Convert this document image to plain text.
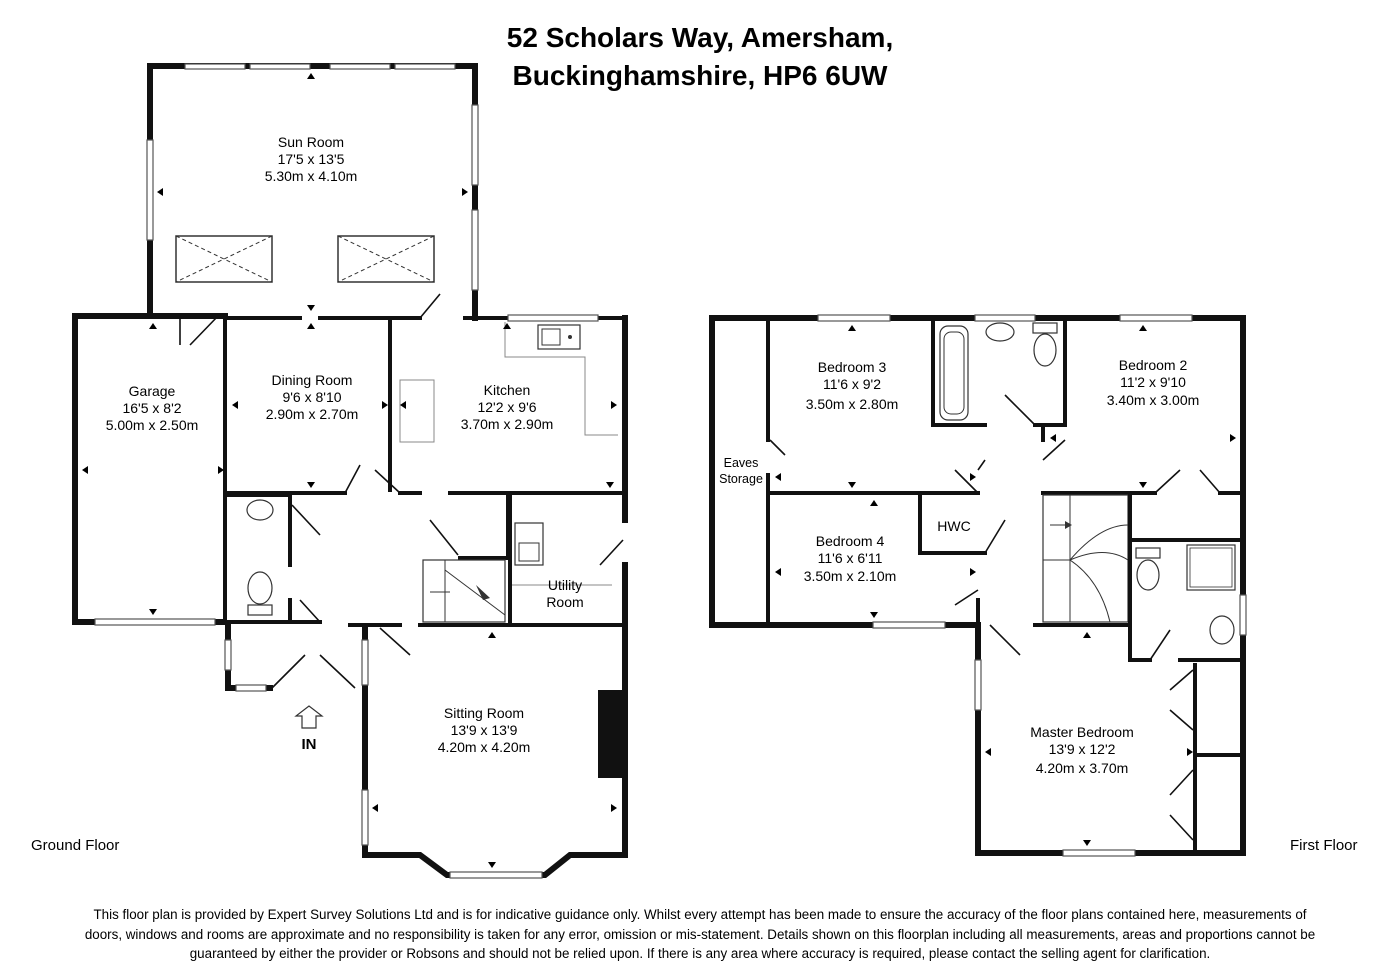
52 Scholars Way, Amersham,
Buckinghamshire, HP6 6UW
Sun Room
17'5 x 13'5
5.30m x 4.10m
Garage
16'5 x 8'2
5.00m x 2.50m
Dining Room
9'6 x 8'10
2.90m x 2.70m
Kitchen
12'2 x 9'6
3.70m x 2.90m
Utility
Room
Sitting Room
13'9 x 13'9
4.20m x 4.20m
IN
Bedroom 3
11'6 x 9'2
3.50m x 2.80m
Bedroom 2
11'2 x 9'10
3.40m x 3.00m
Bedroom 4
11'6 x 6'11
3.50m x 2.10m
Master Bedroom
13'9 x 12'2
4.20m x 3.70m
Eaves
Storage
HWC
Ground Floor	First Floor
This floor plan is provided by Expert Survey Solutions Ltd and is for indicative guidance only. Whilst every attempt has been made to ensure the accuracy of the floor plans contained here, measurements of
doors, windows and rooms are approximate and no responsibility is taken for any error, omission or mis-statement. Details shown on this floorplan including all measurements, areas and proportions cannot be
guaranteed by either the provider or Robsons and should not be relied upon. If there is any area where accuracy is required, please contact the selling agent for clarification.
